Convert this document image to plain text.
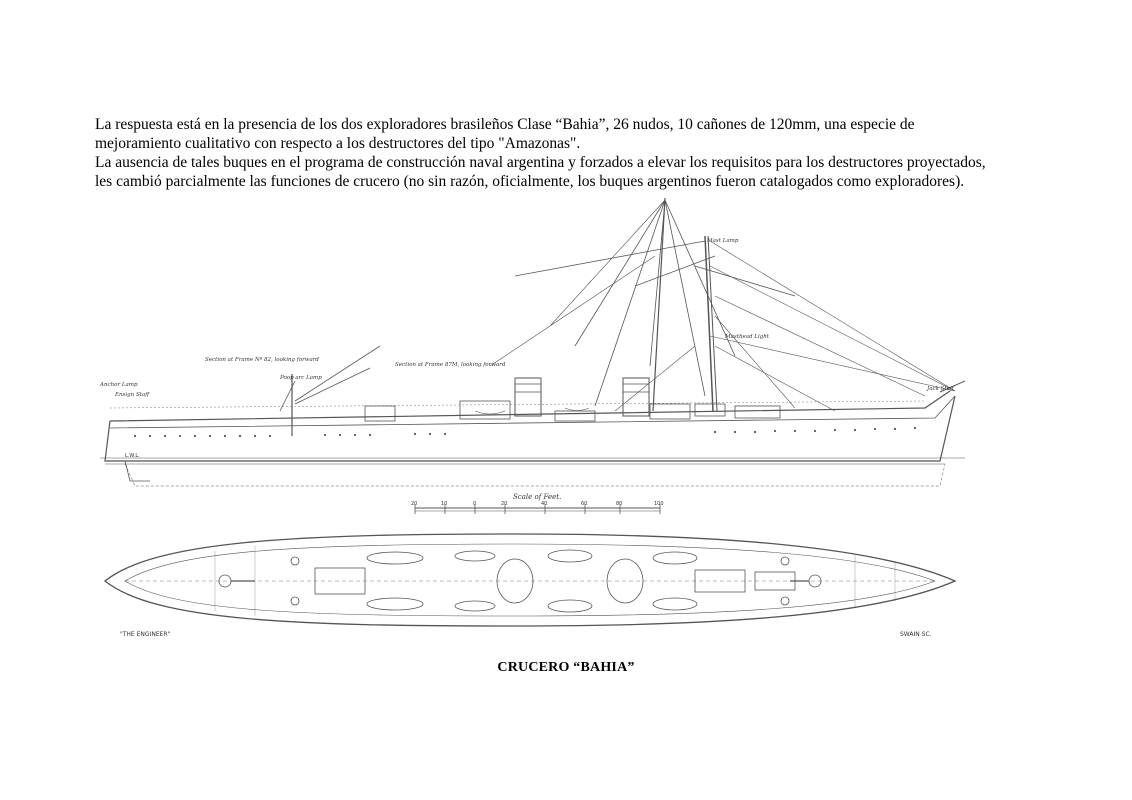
La respuesta está en la presencia de los dos exploradores brasileños Clase “Bahia”, 26 nudos, 10 cañones de 120mm, una especie de
mejoramiento cualitativo con respecto a los destructores del tipo "Amazonas".
La ausencia de tales buques en el programa de construcción naval argentina y forzados a elevar los requisitos para los destructores proyectados,
les cambió parcialmente las funciones de crucero (no sin razón, oficialmente, los buques argentinos fueron catalogados como exploradores).
Section at Frame Nº 82, looking forward
Section at Frame 87M, looking forward
Anchor Lamp
Ensign Staff
Poop arc Lamp
Mast Lamp
Masthead Light
Jack Staff
L.W.L.
Scale of Feet.
20	10	0	20	40	60	80	100
"THE ENGINEER"	SWAIN SC.
CRUCERO “BAHIA”
